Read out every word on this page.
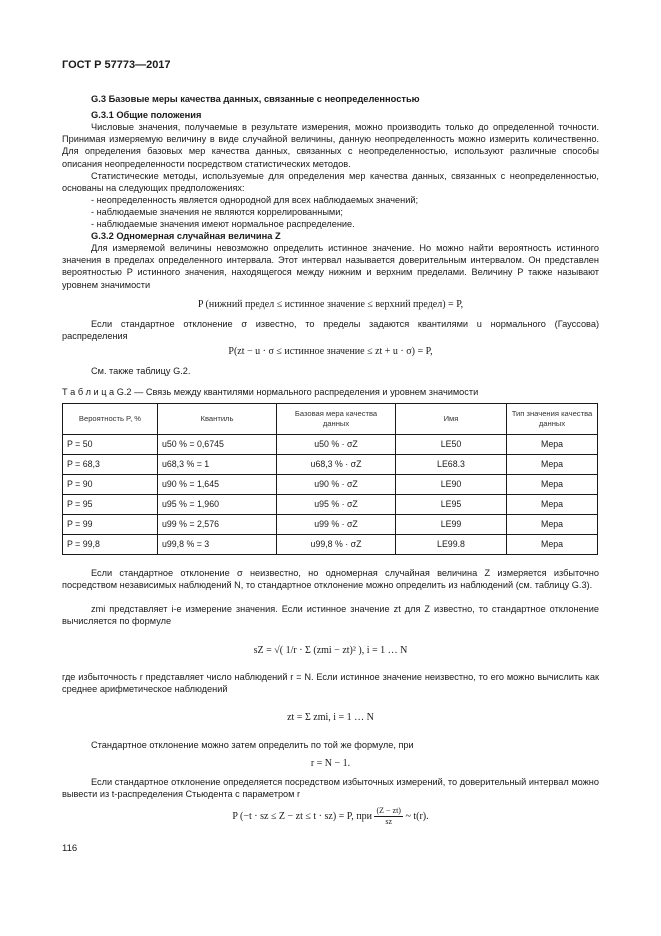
ГОСТ Р 57773—2017
G.3 Базовые меры качества данных, связанные с неопределенностью
G.3.1 Общие положения
Числовые значения, получаемые в результате измерения, можно производить только до определенной точности. Принимая измеряемую величину в виде случайной величины, данную неопределенность можно измерить количественно. Для определения базовых мер качества данных, связанных с неопределенностью, используют различные способы описания неопределенности посредством статистических методов.
Статистические методы, используемые для определения мер качества данных, связанных с неопределенностью, основаны на следующих предположениях:
- неопределенность является однородной для всех наблюдаемых значений;
- наблюдаемые значения не являются коррелированными;
- наблюдаемые значения имеют нормальное распределение.
G.3.2 Одномерная случайная величина Z
Для измеряемой величины невозможно определить истинное значение. Но можно найти вероятность истинного значения в пределах определенного интервала. Этот интервал называется доверительным интервалом. Он представлен вероятностью P истинного значения, находящегося между нижним и верхним пределами. Величину P также называют уровнем значимости
P (нижний предел ≤ истинное значение ≤ верхний предел) = P,
Если стандартное отклонение σ известно, то пределы задаются квантилями u нормального (Гауссова) распределения
P(zt − u · σ ≤ истинное значение ≤ zt + u · σ) = P,
См. также таблицу G.2.
Т а б л и ц а G.2 — Связь между квантилями нормального распределения и уровнем значимости
Вероятность P, %	Квантиль	Базовая мера качества данных	Имя	Тип значения качества данных
P = 50	u50 % = 0,6745	u50 % · σZ	LE50	Мера
P = 68,3	u68,3 % = 1	u68,3 % · σZ	LE68.3	Мера
P = 90	u90 % = 1,645	u90 % · σZ	LE90	Мера
P = 95	u95 % = 1,960	u95 % · σZ	LE95	Мера
P = 99	u99 % = 2,576	u99 % · σZ	LE99	Мера
P = 99,8	u99,8 % = 3	u99,8 % · σZ	LE99.8	Мера
Если стандартное отклонение σ неизвестно, но одномерная случайная величина Z измеряется избыточно посредством независимых наблюдений N, то стандартное отклонение можно определить из наблюдений (см. таблицу G.3).
zmi представляет i-е измерение значения. Если истинное значение zt для Z известно, то стандартное отклонение вычисляется по формуле
sZ = √( 1/r · Σ (zmi − zt)² ), i = 1 … N
где избыточность r представляет число наблюдений r = N. Если истинное значение неизвестно, то его можно вычислить как среднее арифметическое наблюдений
zt = Σ zmi, i = 1 … N
Стандартное отклонение можно затем определить по той же формуле, при
r = N − 1.
Если стандартное отклонение определяется посредством избыточных измерений, то доверительный интервал можно вывести из t-распределения Стьюдента с параметром r
P (−t · sz ≤ Z − zt ≤ t · sz) = P, при $\frac{(Z - zt)}{sz}$ ~ t(r).
116
